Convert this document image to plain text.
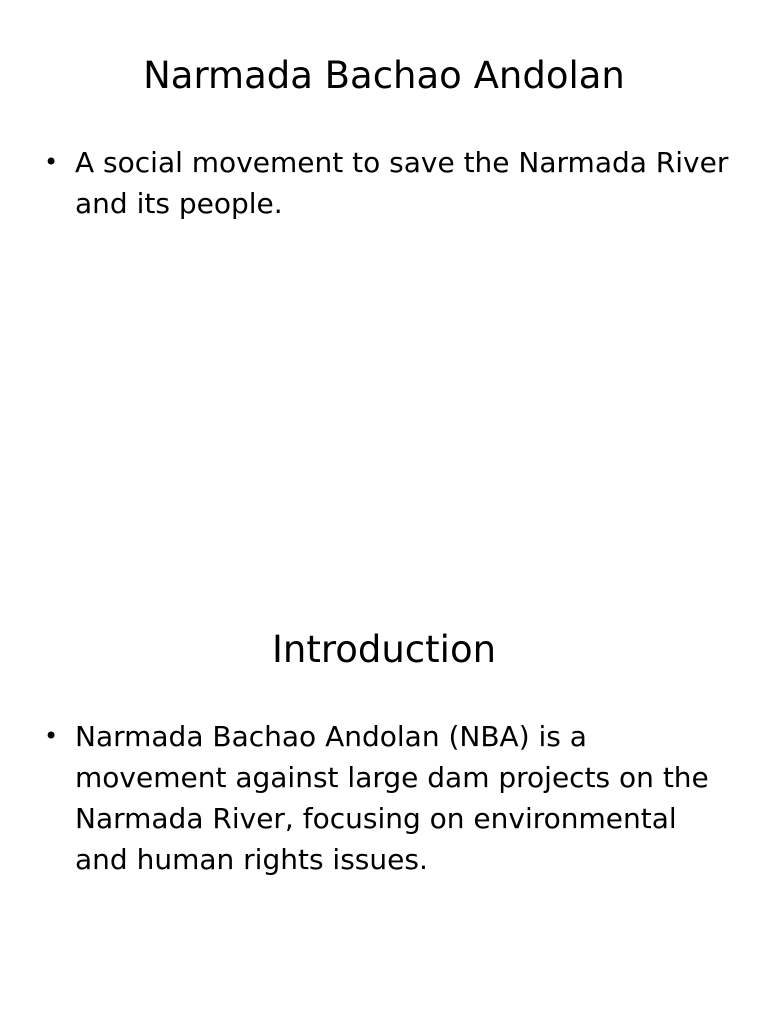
Narmada Bachao Andolan
• A social movement to save the Narmada River and its people.
Introduction
• Narmada Bachao Andolan (NBA) is a movement against large dam projects on the Narmada River, focusing on environmental and human rights issues.
